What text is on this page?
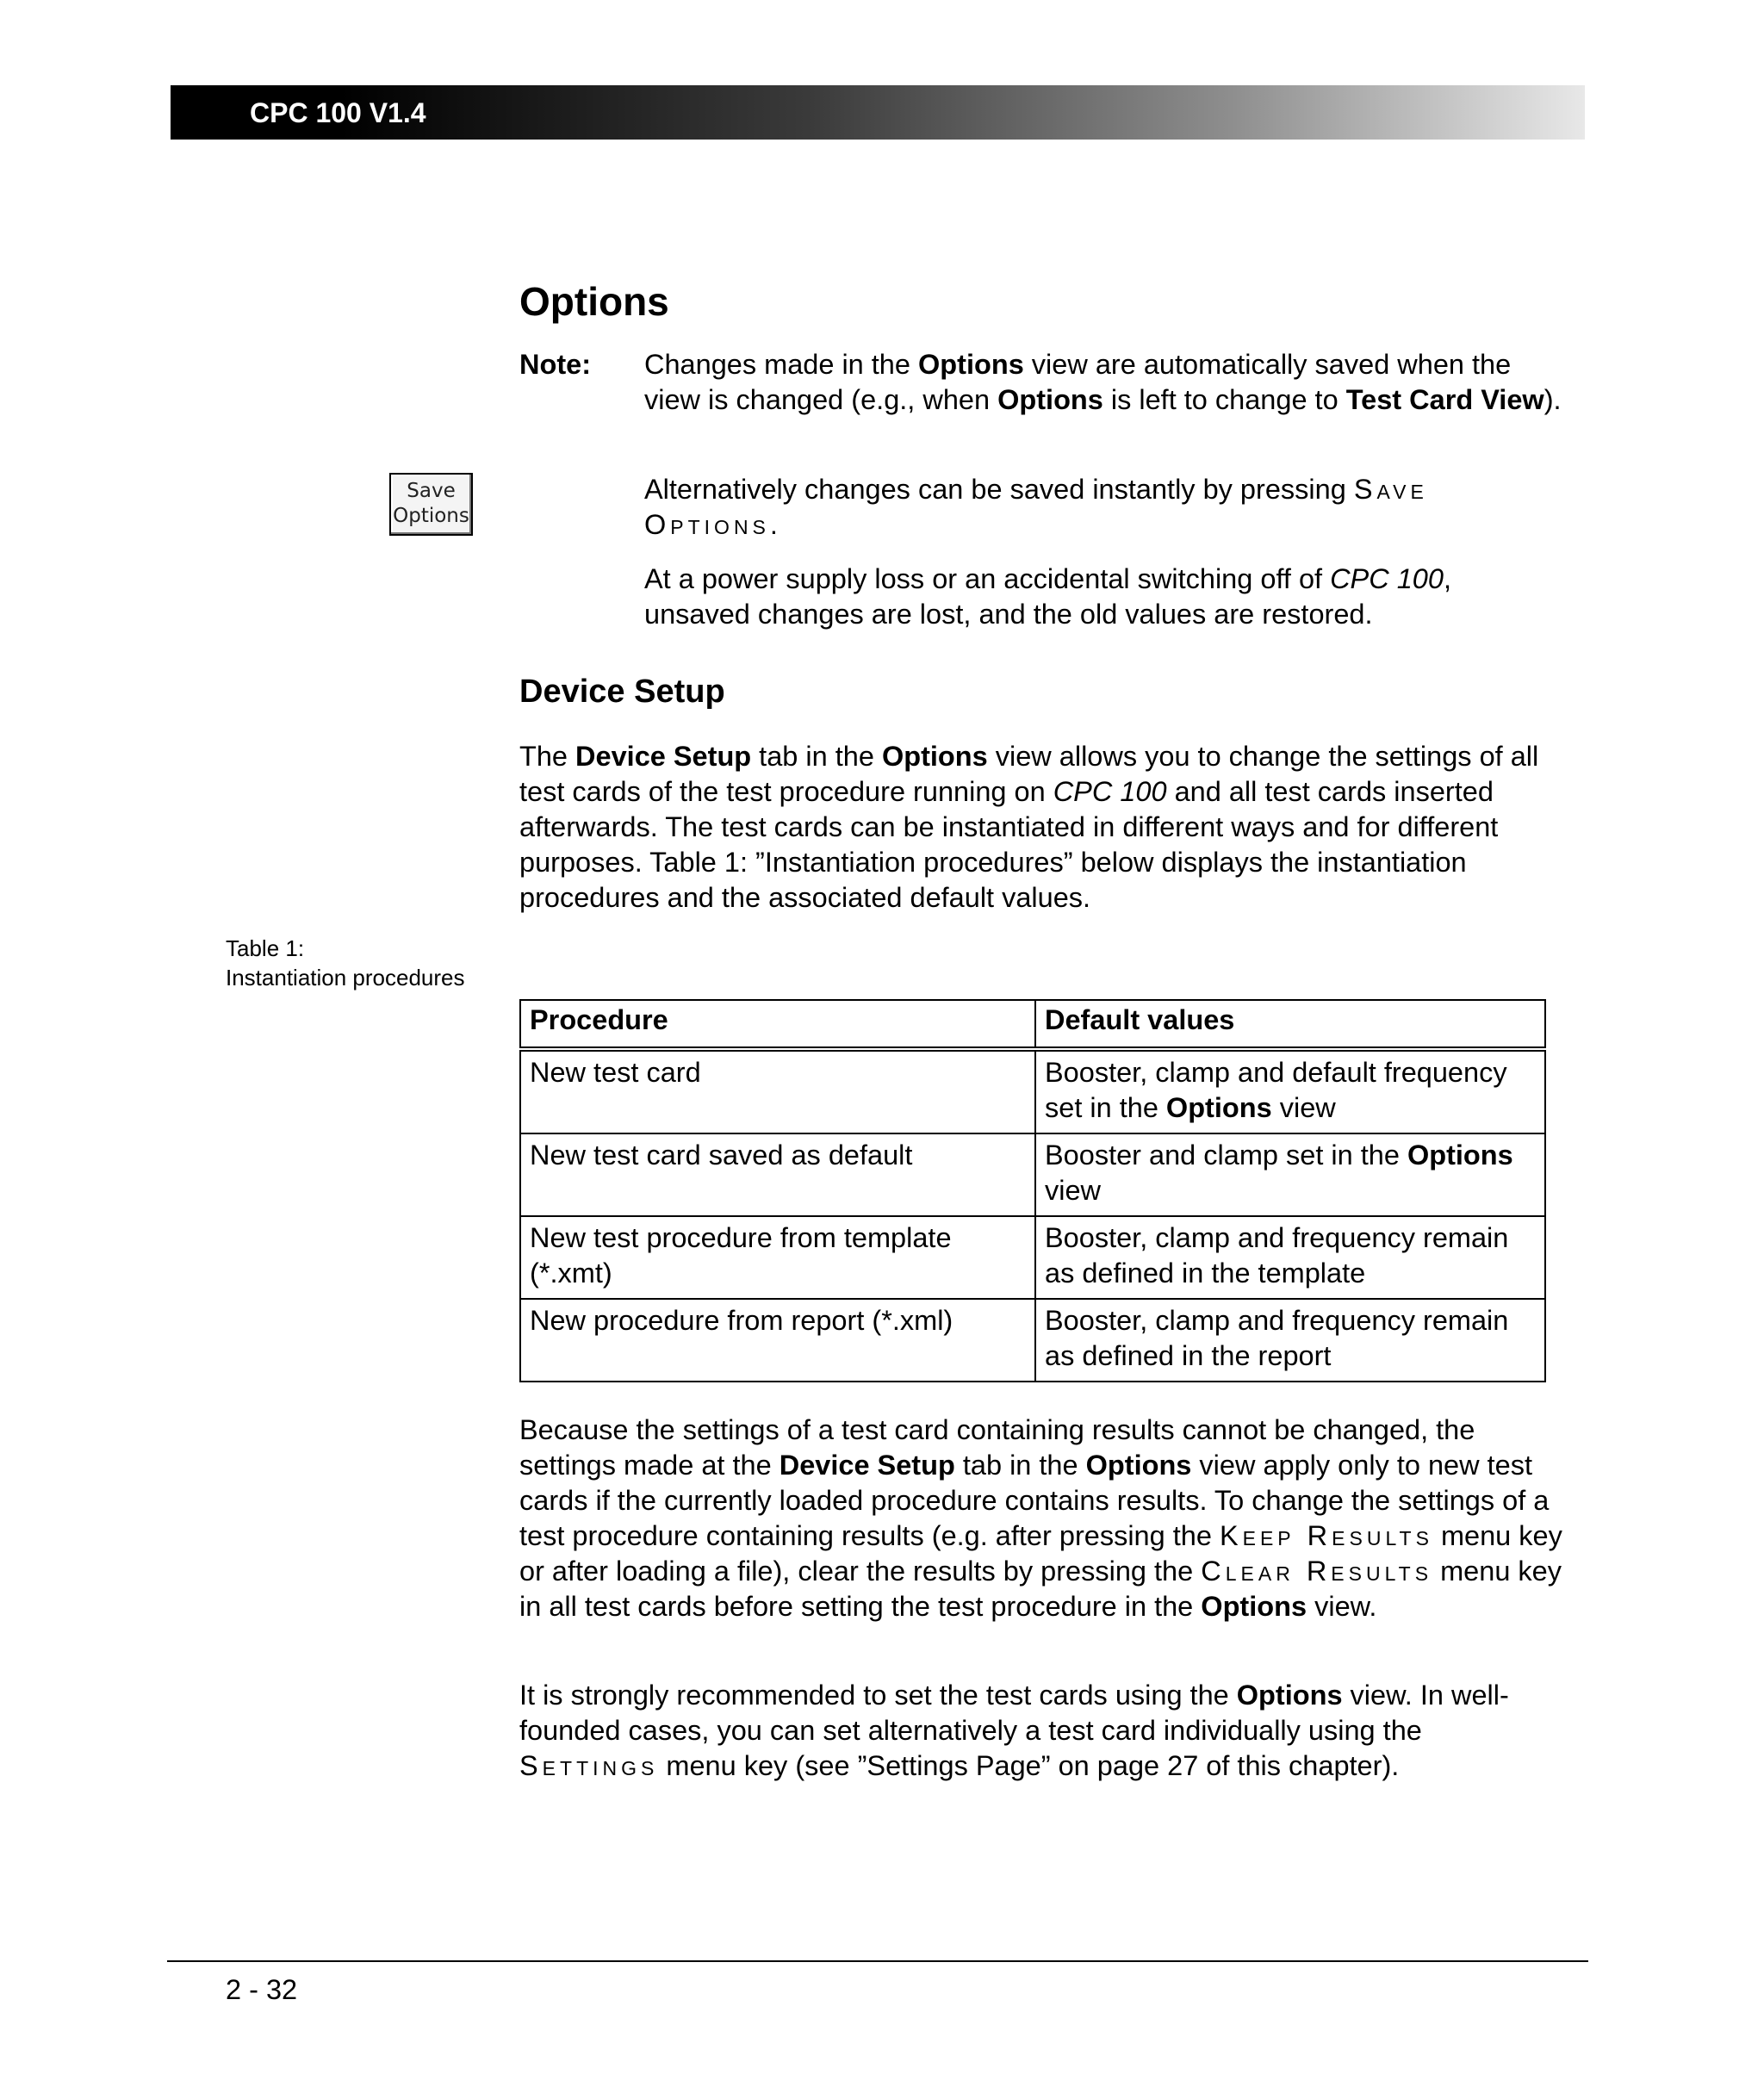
CPC 100 V1.4
Options
Note: Changes made in the Options view are automatically saved when the view is changed (e.g., when Options is left to change to Test Card View).

Alternatively changes can be saved instantly by pressing Save Options.

At a power supply loss or an accidental switching off of CPC 100, unsaved changes are lost, and the old values are restored.

Save
Options
Device Setup

The Device Setup tab in the Options view allows you to change the settings of all test cards of the test procedure running on CPC 100 and all test cards inserted afterwards. The test cards can be instantiated in different ways and for different purposes. Table 1: ”Instantiation procedures” below displays the instantiation procedures and the associated default values.

Table 1:
Instantiation procedures
Procedure	Default values
New test card	Booster, clamp and default frequency set in the Options view
New test card saved as default	Booster and clamp set in the Options view
New test procedure from template (*.xmt)	Booster, clamp and frequency remain as defined in the template
New procedure from report (*.xml)	Booster, clamp and frequency remain as defined in the report

Because the settings of a test card containing results cannot be changed, the settings made at the Device Setup tab in the Options view apply only to new test cards if the currently loaded procedure contains results. To change the settings of a test procedure containing results (e.g. after pressing the Keep Results menu key or after loading a file), clear the results by pressing the Clear Results menu key in all test cards before setting the test procedure in the Options view.

It is strongly recommended to set the test cards using the Options view. In well-founded cases, you can set alternatively a test card individually using the Settings menu key (see ”Settings Page” on page 27 of this chapter).

2 - 32
